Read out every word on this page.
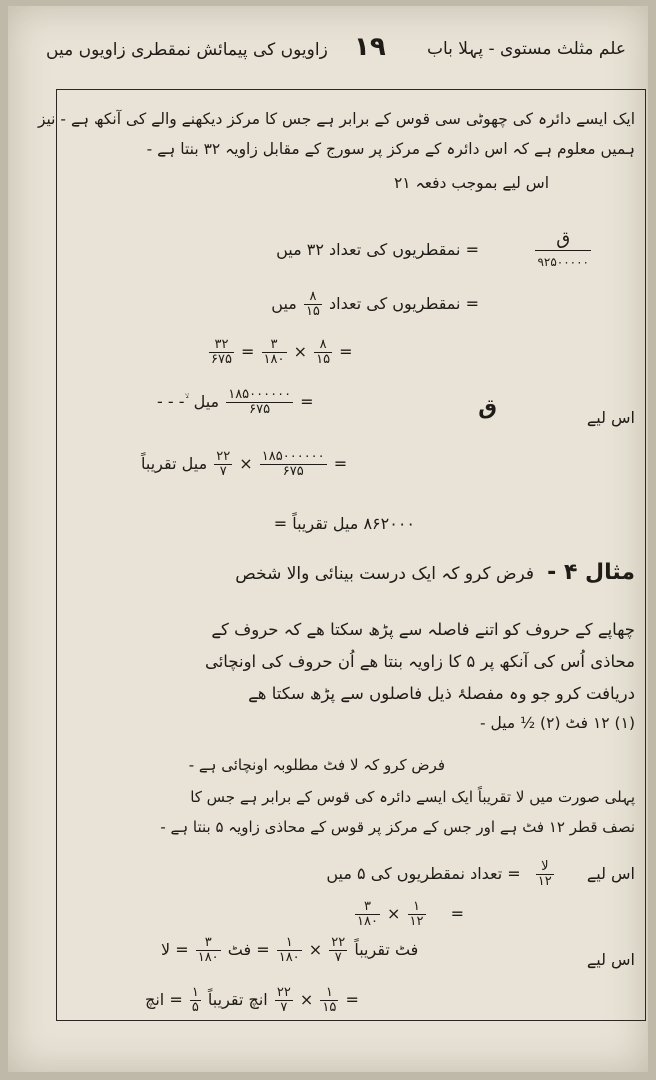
علم مثلث مستوی - پہلا باب
۱۹
زاویوں کی پیمائش نمقطری زاویوں میں
ایک ایسے دائرہ کی چھوٹی سی قوس کے برابر ہے جس کا مرکز دیکھنے والے کی آنکھ ہے - نیز
ہمیں معلوم ہے کہ اس دائرہ کے مرکز پر سورج کے مقابل زاویہ ۳۲ بنتا ہے -
اس لیے بموجب دفعہ ۲۱
$\frac{\text{ق}}{۹۲۵۰۰۰۰۰}$
= نمقطریوں کی تعداد ۳۲ میں
= نمقطریوں کی تعداد
$\frac{۸}{۱۵}$
میں
$\frac{۳۲}{۶۷۵} = \frac{۳}{۱۸۰} \times \frac{۸}{۱۵}$ =
اس لیے
ق
- - - ۙ میل $\frac{۱۸۵۰۰۰۰۰۰}{۶۷۵}$ =
میل تقریباً $\frac{۲۲}{۷} \times \frac{۱۸۵۰۰۰۰۰۰}{۶۷۵}$ =
۸۶۲۰۰۰ میل تقریباً =
مثال ۴ - فرض کرو کہ ایک درست بینائی والا شخص
چھاپے کے حروف کو اتنے فاصلہ سے پڑھ سکتا ھے کہ حروف کے
محاذی اُس کی آنکھ پر ۵ کا زاویہ بنتا ھے اُن حروف کی اونچائی
دریافت کرو جو وہ مفصلۂ ذیل فاصلوں سے پڑھ سکتا ھے
(۱) ۱۲ فٹ (۲) ½ میل -
فرض کرو کہ لا فٹ مطلوبہ اونچائی ہے -
پہلی صورت میں لا تقریباً ایک ایسے دائرہ کی قوس کے برابر ہے جس کا
نصف قطر ۱۲ فٹ ہے اور جس کے مرکز پر قوس کے محاذی زاویہ ۵ بنتا ہے -
اس لیے
$\frac{\text{لا}}{۱۲}$
= تعداد نمقطریوں کی ۵ میں
$\frac{۳}{۱۸۰} \times \frac{۱}{۱۲}$ =
اس لیے
فٹ تقریباً
$\frac{۲۲}{۷}$
×
$\frac{۱}{۱۸۰}$
= فٹ
$\frac{۳}{۱۸۰}$
= لا
انچ تقریباً
$\frac{۱}{۵}$
= انچ	$\frac{۲۲}{۷} \times \frac{۱}{۱۵}$ =
